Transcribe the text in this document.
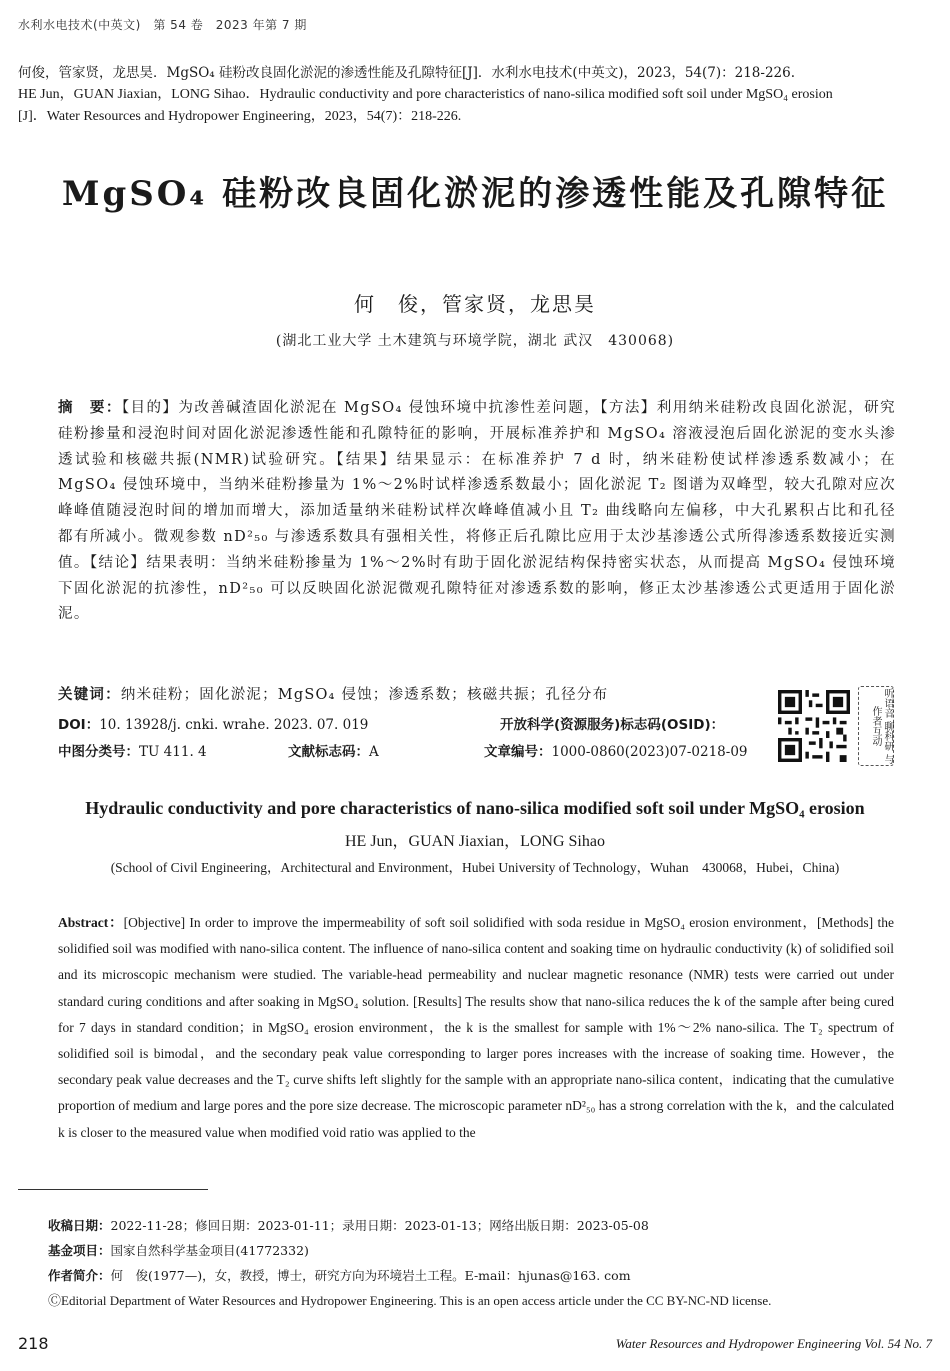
水利水电技术(中英文)　第 54 卷　2023 年第 7 期

何俊，管家贤，龙思昊．MgSO₄ 硅粉改良固化淤泥的渗透性能及孔隙特征[J]．水利水电技术(中英文)，2023，54(7)：218-226.

HE Jun，GUAN Jiaxian，LONG Sihao．Hydraulic conductivity and pore characteristics of nano-silica modified soft soil under MgSO₄ erosion

[J]．Water Resources and Hydropower Engineering，2023，54(7)：218-226.

MgSO₄ 硅粉改良固化淤泥的渗透性能及孔隙特征
何　俊，管家贤，龙思昊
(湖北工业大学 土木建筑与环境学院，湖北 武汉　430068)
摘　要：【目的】为改善碱渣固化淤泥在 MgSO₄ 侵蚀环境中抗渗性差问题，【方法】利用纳米硅粉改良固化淤泥，研究硅粉掺量和浸泡时间对固化淤泥渗透性能和孔隙特征的影响，开展标准养护和 MgSO₄ 溶液浸泡后固化淤泥的变水头渗透试验和核磁共振(NMR)试验研究。【结果】结果显示：在标准养护 7 d 时，纳米硅粉使试样渗透系数减小；在 MgSO₄ 侵蚀环境中，当纳米硅粉掺量为 1%～2%时试样渗透系数最小；固化淤泥 T₂ 图谱为双峰型，较大孔隙对应次峰峰值随浸泡时间的增加而增大，添加适量纳米硅粉试样次峰峰值减小且 T₂ 曲线略向左偏移，中大孔累积占比和孔径都有所减小。微观参数 nD²₅₀ 与渗透系数具有强相关性，将修正后孔隙比应用于太沙基渗透公式所得渗透系数接近实测值。【结论】结果表明：当纳米硅粉掺量为 1%～2%时有助于固化淤泥结构保持密实状态，从而提高 MgSO₄ 侵蚀环境下固化淤泥的抗渗性，nD²₅₀ 可以反映固化淤泥微观孔隙特征对渗透系数的影响，修正太沙基渗透公式更适用于固化淤泥。
关键词：纳米硅粉；固化淤泥；MgSO₄ 侵蚀；渗透系数；核磁共振；孔径分布
DOI：10. 13928/j. cnki. wrahe. 2023. 07. 019	开放科学(资源服务)标志码(OSID)：
中图分类号：TU 411. 4	文献标志码：A	文章编号：1000-0860(2023)07-0218-09	听语音 聊科研 与作者互动
Hydraulic conductivity and pore characteristics of nano-silica modified soft soil under MgSO₄ erosion
HE Jun，GUAN Jiaxian，LONG Sihao
(School of Civil Engineering，Architectural and Environment，Hubei University of Technology，Wuhan　430068，Hubei，China)
Abstract：[Objective] In order to improve the impermeability of soft soil solidified with soda residue in MgSO₄ erosion environment，[Methods] the solidified soil was modified with nano-silica content. The influence of nano-silica content and soaking time on hydraulic conductivity (k) of solidified soil and its microscopic mechanism were studied. The variable-head permeability and nuclear magnetic resonance (NMR) tests were carried out under standard curing conditions and after soaking in MgSO₄ solution. [Results] The results show that nano-silica reduces the k of the sample after being cured for 7 days in standard condition；in MgSO₄ erosion environment，the k is the smallest for sample with 1%～2% nano-silica. The T₂ spectrum of solidified soil is bimodal，and the secondary peak value corresponding to larger pores increases with the increase of soaking time. However，the secondary peak value decreases and the T₂ curve shifts left slightly for the sample with an appropriate nano-silica content，indicating that the cumulative proportion of medium and large pores and the pore size decrease. The microscopic parameter nD²₅₀ has a strong correlation with the k，and the calculated k is closer to the measured value when modified void ratio was applied to the
收稿日期：2022-11-28；修回日期：2023-01-11；录用日期：2023-01-13；网络出版日期：2023-05-08
基金项目：国家自然科学基金项目(41772332)
作者简介：何　俊(1977—)，女，教授，博士，研究方向为环境岩土工程。E-mail：hjunas@163. com
ⒸEditorial Department of Water Resources and Hydropower Engineering. This is an open access article under the CC BY-NC-ND license.
218	Water Resources and Hydropower Engineering Vol. 54 No. 7
